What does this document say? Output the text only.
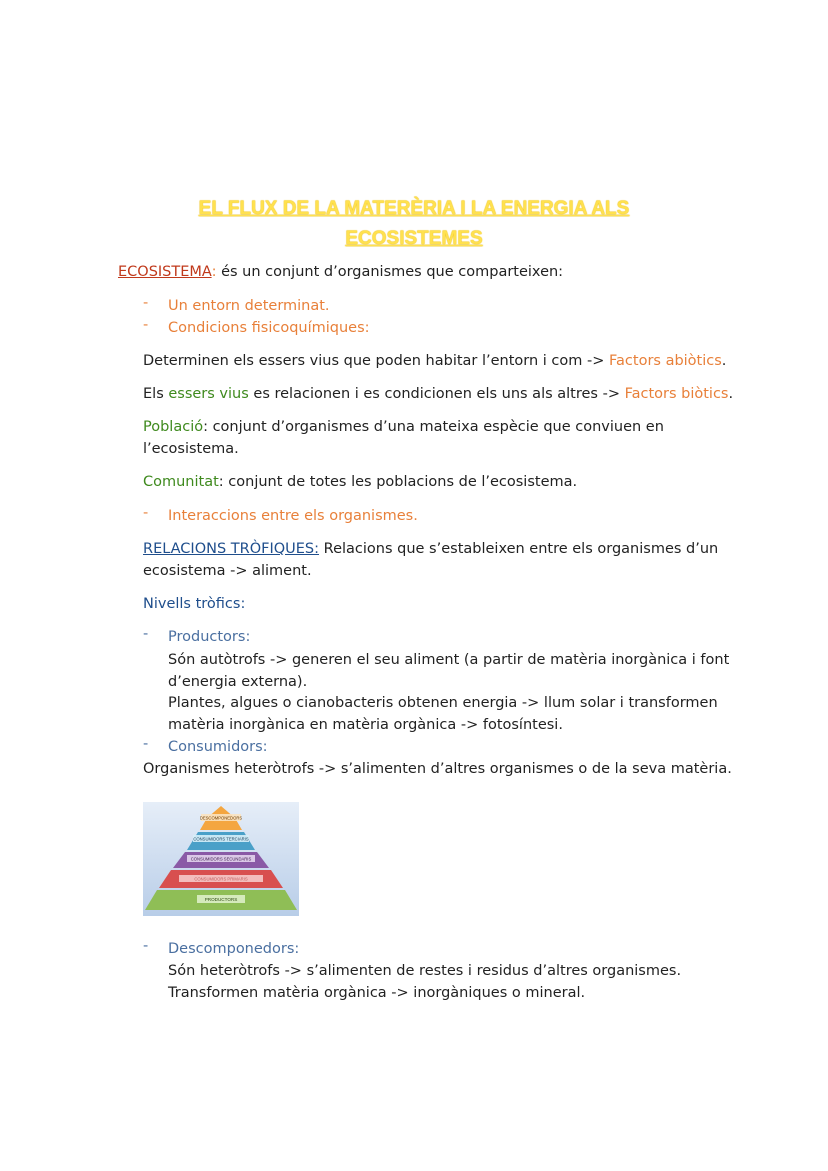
EL FLUX DE LA MATERÈRIA I LA ENERGIA ALS
ECOSISTEMES
ECOSISTEMA: és un conjunt d’organismes que comparteixen:
- Un entorn determinat.
- Condicions fisicoquímiques:
Determinen els essers vius que poden habitar l’entorn i com -> Factors abiòtics.
Els essers vius es relacionen i es condicionen els uns als altres -> Factors biòtics.
Població: conjunt d’organismes d’una mateixa espècie que conviuen en
l’ecosistema.
Comunitat: conjunt de totes les poblacions de l’ecosistema.
- Interaccions entre els organismes.
RELACIONS TRÒFIQUES: Relacions que s’estableixen entre els organismes d’un
ecosistema -> aliment.
Nivells tròfics:
- Productors:
Són autòtrofs -> generen el seu aliment (a partir de matèria inorgànica i font
d’energia externa).
Plantes, algues o cianobacteris obtenen energia -> llum solar i transformen
matèria inorgànica en matèria orgànica -> fotosíntesi.
- Consumidors:
Organismes heteròtrofs -> s’alimenten d’altres organismes o de la seva matèria.
DESCOMPONEDORS
CONSUMIDORS TERCIARIS
CONSUMIDORS SECUNDARIS
CONSUMIDORS PRIMARIS
PRODUCTORS
- Descomponedors:
Són heteròtrofs -> s’alimenten de restes i residus d’altres organismes.
Transformen matèria orgànica -> inorgàniques o mineral.
